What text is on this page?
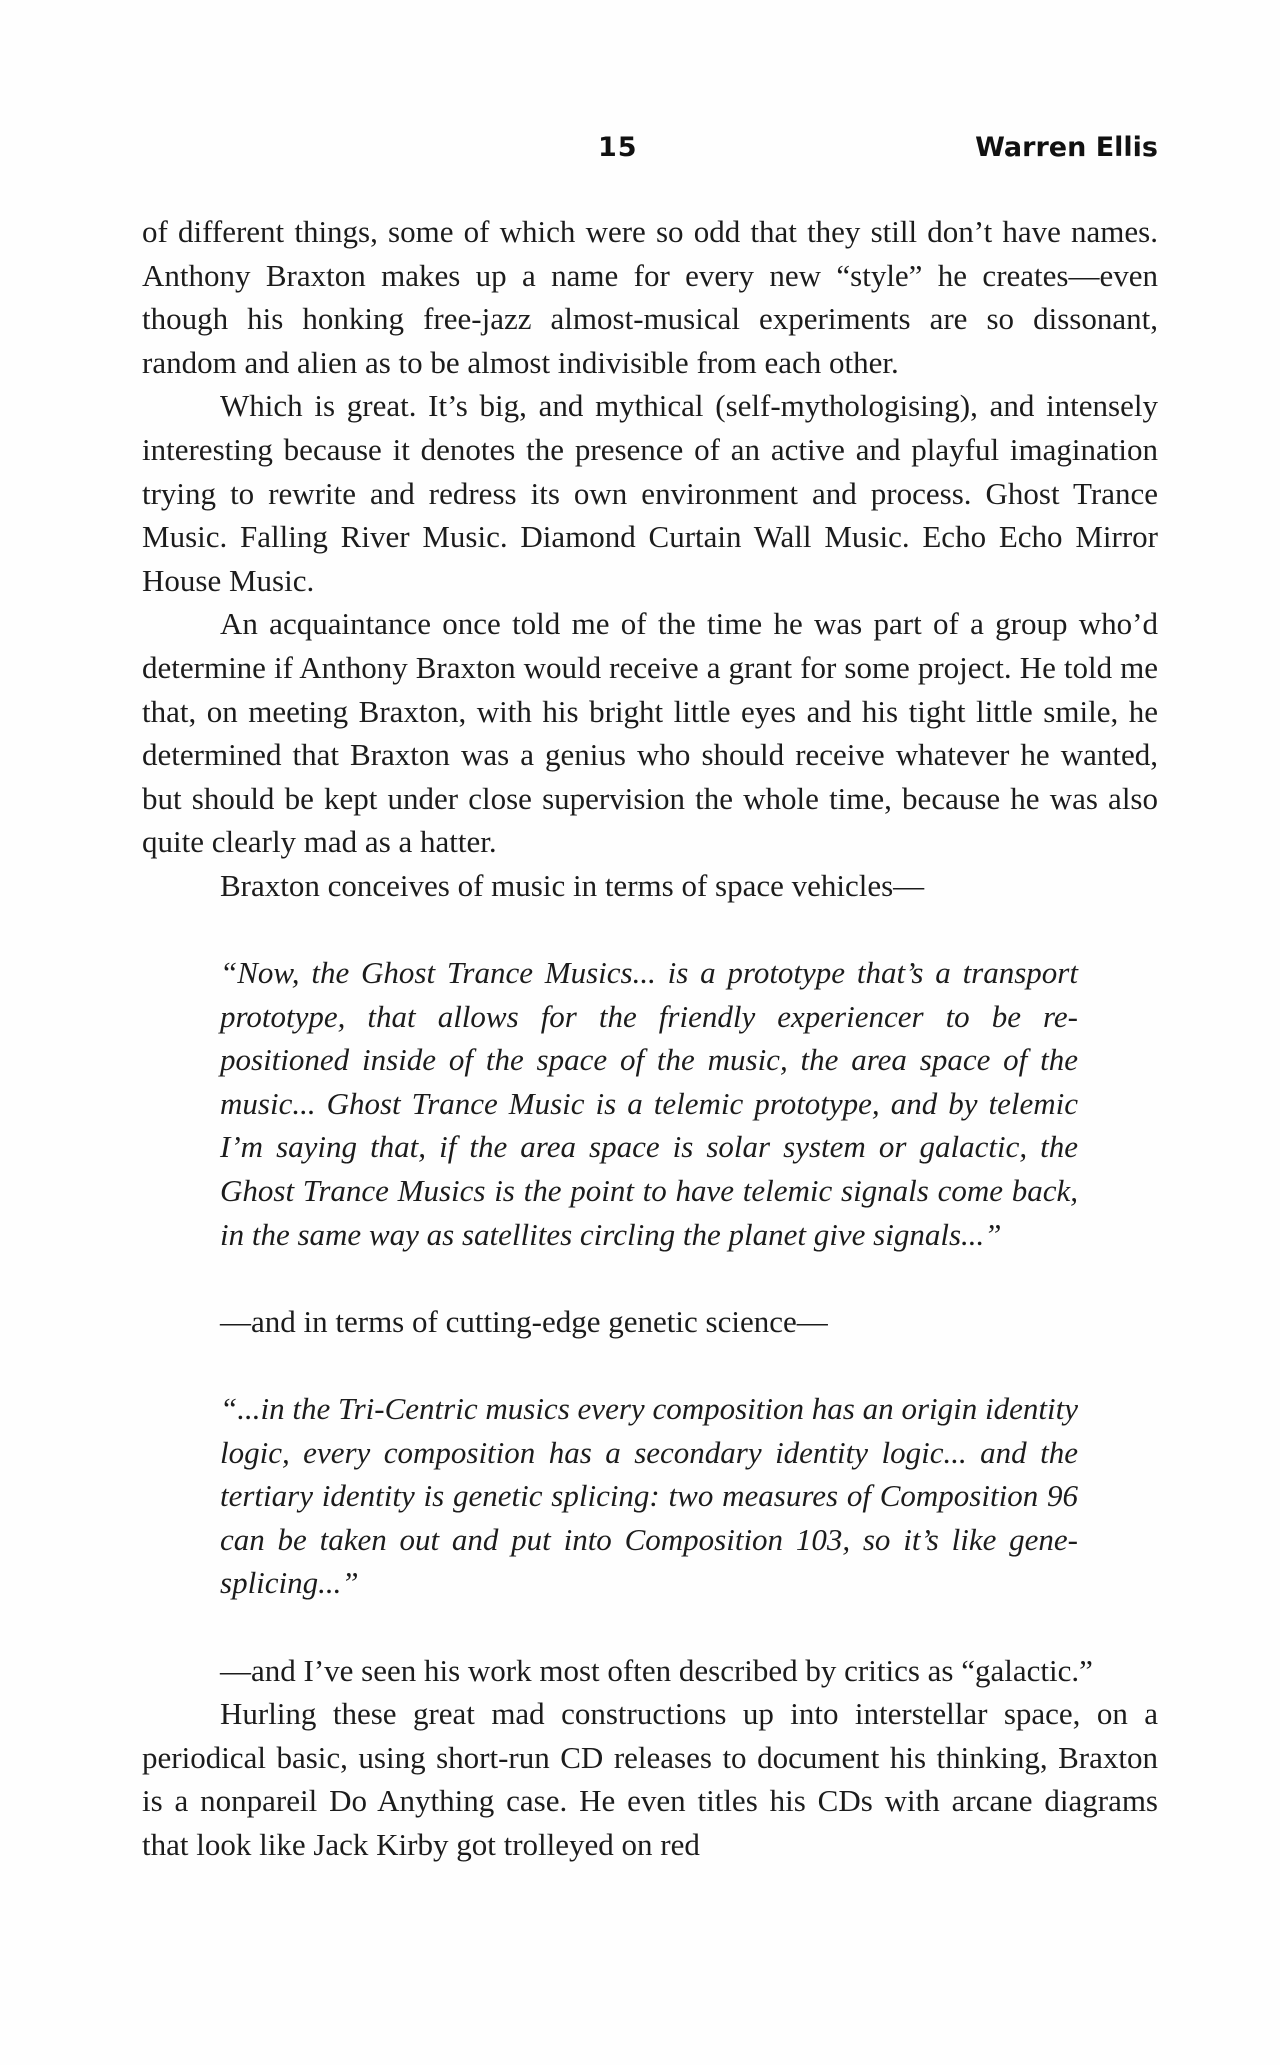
15	Warren Ellis

of different things, some of which were so odd that they still don’t have names. Anthony Braxton makes up a name for every new “style” he creates—even though his honking free-jazz almost-musical experiments are so dissonant, random and alien as to be almost indivisible from each other.

Which is great. It’s big, and mythical (self-mythologising), and intensely interesting because it denotes the presence of an active and playful imagination trying to rewrite and redress its own environment and process. Ghost Trance Music. Falling River Music. Diamond Curtain Wall Music. Echo Echo Mirror House Music.

An acquaintance once told me of the time he was part of a group who’d determine if Anthony Braxton would receive a grant for some project. He told me that, on meeting Braxton, with his bright little eyes and his tight little smile, he determined that Braxton was a genius who should receive whatever he wanted, but should be kept under close supervision the whole time, because he was also quite clearly mad as a hatter.

Braxton conceives of music in terms of space vehicles—

“Now, the Ghost Trance Musics... is a prototype that’s a transport prototype, that allows for the friendly experiencer to be re-positioned inside of the space of the music, the area space of the music... Ghost Trance Music is a telemic prototype, and by telemic I’m saying that, if the area space is solar system or galactic, the Ghost Trance Musics is the point to have telemic signals come back, in the same way as satellites circling the planet give signals...”

—and in terms of cutting-edge genetic science—

“...in the Tri-Centric musics every composition has an origin identity logic, every composition has a secondary identity logic... and the tertiary identity is genetic splicing: two measures of Composition 96 can be taken out and put into Composition 103, so it’s like gene-splicing...”

—and I’ve seen his work most often described by critics as “galactic.”

Hurling these great mad constructions up into interstellar space, on a periodical basic, using short-run CD releases to document his thinking, Braxton is a nonpareil Do Anything case. He even titles his CDs with arcane diagrams that look like Jack Kirby got trolleyed on red
